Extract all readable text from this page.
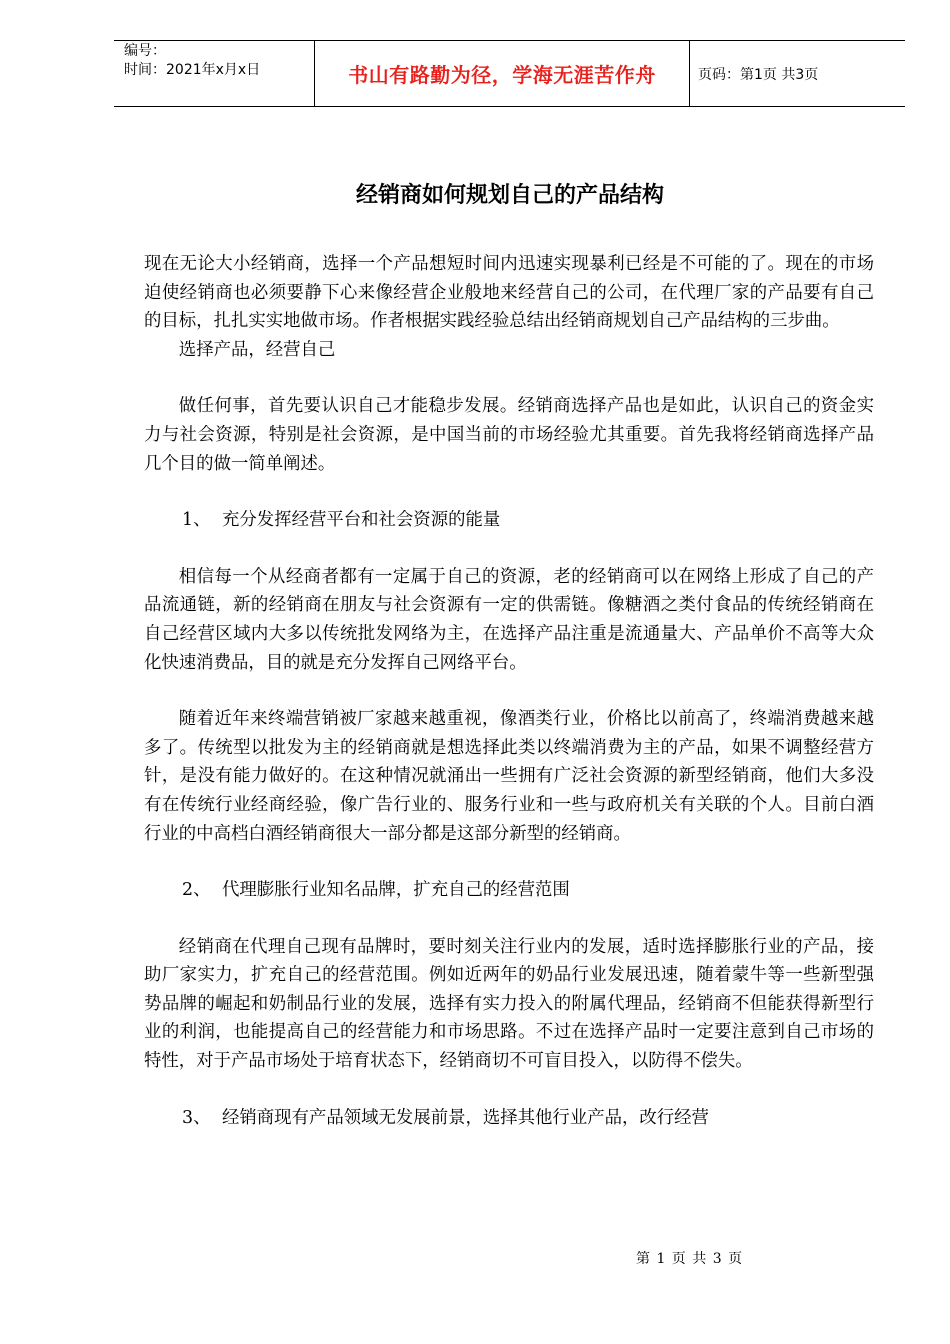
编号：
时间：2021年x月x日	书山有路勤为径，学海无涯苦作舟	页码：第1页 共3页
经销商如何规划自己的产品结构

现在无论大小经销商，选择一个产品想短时间内迅速实现暴利已经是不可能的了。现在的市场迫使经销商也必须要静下心来像经营企业般地来经营自己的公司，在代理厂家的产品要有自己的目标，扎扎实实地做市场。作者根据实践经验总结出经销商规划自己产品结构的三步曲。

选择产品，经营自己

做任何事，首先要认识自己才能稳步发展。经销商选择产品也是如此，认识自己的资金实力与社会资源，特别是社会资源，是中国当前的市场经验尤其重要。首先我将经销商选择产品几个目的做一简单阐述。

1、 充分发挥经营平台和社会资源的能量

相信每一个从经商者都有一定属于自己的资源，老的经销商可以在网络上形成了自己的产品流通链，新的经销商在朋友与社会资源有一定的供需链。像糖酒之类付食品的传统经销商在自己经营区域内大多以传统批发网络为主，在选择产品注重是流通量大、产品单价不高等大众化快速消费品，目的就是充分发挥自己网络平台。

随着近年来终端营销被厂家越来越重视，像酒类行业，价格比以前高了，终端消费越来越多了。传统型以批发为主的经销商就是想选择此类以终端消费为主的产品，如果不调整经营方针，是没有能力做好的。在这种情况就涌出一些拥有广泛社会资源的新型经销商，他们大多没有在传统行业经商经验，像广告行业的、服务行业和一些与政府机关有关联的个人。目前白酒行业的中高档白酒经销商很大一部分都是这部分新型的经销商。

2、 代理膨胀行业知名品牌，扩充自己的经营范围

经销商在代理自己现有品牌时，要时刻关注行业内的发展，适时选择膨胀行业的产品，接助厂家实力，扩充自己的经营范围。例如近两年的奶品行业发展迅速，随着蒙牛等一些新型强势品牌的崛起和奶制品行业的发展，选择有实力投入的附属代理品，经销商不但能获得新型行业的利润，也能提高自己的经营能力和市场思路。不过在选择产品时一定要注意到自己市场的特性，对于产品市场处于培育状态下，经销商切不可盲目投入，以防得不偿失。

3、 经销商现有产品领域无发展前景，选择其他行业产品，改行经营

第 1 页 共 3 页
